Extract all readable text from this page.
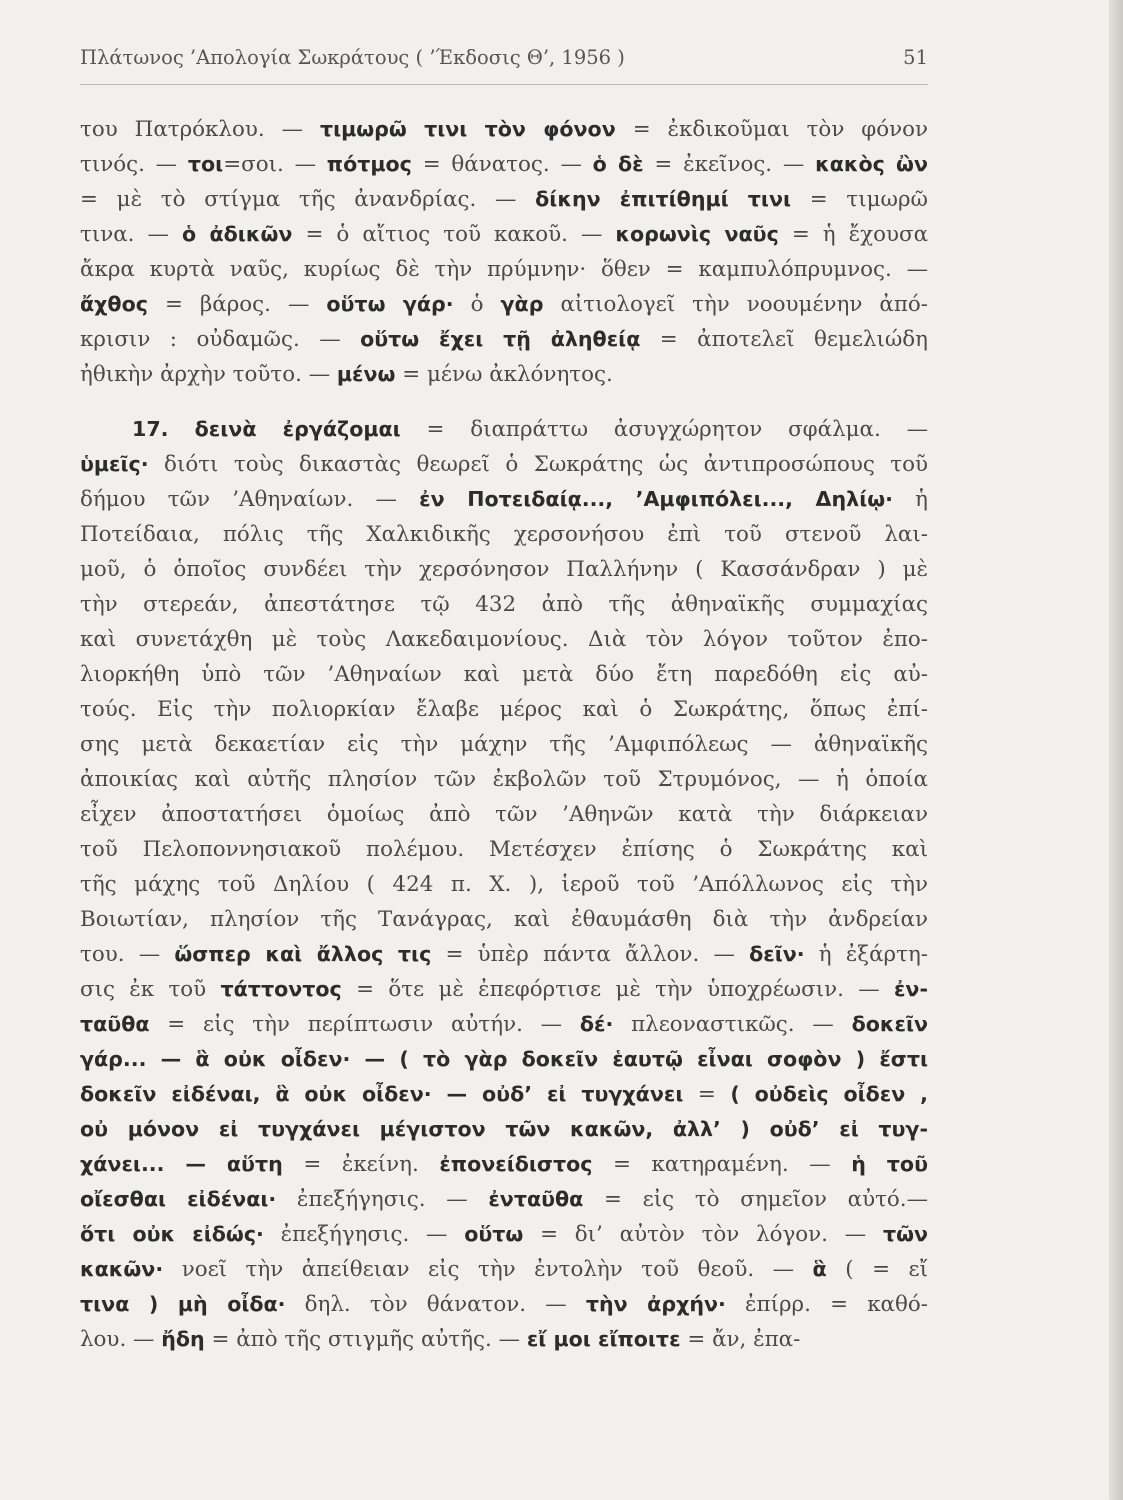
Πλάτωνος ’Απολογία Σωκράτους ( ’Έκδοσις Θ’, 1956 )	51

του Πατρόκλου. — τιμωρῶ τινι τὸν φόνον = ἐκδικοῦμαι τὸν φόνον

τινός. — τοι=σοι. — πότμος = θάνατος. — ὁ δὲ = ἐκεῖνος. — κακὸς ὢν

= μὲ τὸ στίγμα τῆς ἀνανδρίας. — δίκην ἐπιτίθημί τινι = τιμωρῶ

τινα. — ὁ ἀδικῶν = ὁ αἴτιος τοῦ κακοῦ. — κορωνὶς ναῦς = ἡ ἔχουσα

ἄκρα κυρτὰ ναῦς, κυρίως δὲ τὴν πρύμνην· ὅθεν = καμπυλόπρυμνος. —

ἄχθος = βάρος. — οὕτω γάρ· ὁ γὰρ αἰτιολογεῖ τὴν νοουμένην ἀπό-

κρισιν : οὐδαμῶς. — οὕτω ἔχει τῇ ἀληθείᾳ = ἀποτελεῖ θεμελιώδη

ἠθικὴν ἀρχὴν τοῦτο. — μένω = μένω ἀκλόνητος.

17. δεινὰ ἐργάζομαι = διαπράττω ἀσυγχώρητον σφάλμα. —

ὑμεῖς· διότι τοὺς δικαστὰς θεωρεῖ ὁ Σωκράτης ὡς ἀντιπροσώπους τοῦ

δήμου τῶν ’Αθηναίων. — ἐν Ποτειδαίᾳ..., ’Αμφιπόλει..., Δηλίῳ· ἡ

Ποτείδαια, πόλις τῆς Χαλκιδικῆς χερσονήσου ἐπὶ τοῦ στενοῦ λαι-

μοῦ, ὁ ὁποῖος συνδέει τὴν χερσόνησον Παλλήνην ( Κασσάνδραν ) μὲ

τὴν στερεάν, ἀπεστάτησε τῷ 432 ἀπὸ τῆς ἀθηναϊκῆς συμμαχίας

καὶ συνετάχθη μὲ τοὺς Λακεδαιμονίους. Διὰ τὸν λόγον τοῦτον ἐπο-

λιορκήθη ὑπὸ τῶν ’Αθηναίων καὶ μετὰ δύο ἔτη παρεδόθη εἰς αὐ-

τούς. Εἰς τὴν πολιορκίαν ἔλαβε μέρος καὶ ὁ Σωκράτης, ὅπως ἐπί-

σης μετὰ δεκαετίαν εἰς τὴν μάχην τῆς ’Αμφιπόλεως — ἀθηναϊκῆς

ἀποικίας καὶ αὐτῆς πλησίον τῶν ἐκβολῶν τοῦ Στρυμόνος, — ἡ ὁποία

εἶχεν ἀποστατήσει ὁμοίως ἀπὸ τῶν ’Αθηνῶν κατὰ τὴν διάρκειαν

τοῦ Πελοποννησιακοῦ πολέμου. Μετέσχεν ἐπίσης ὁ Σωκράτης καὶ

τῆς μάχης τοῦ Δηλίου ( 424 π. Χ. ), ἱεροῦ τοῦ ’Απόλλωνος εἰς τὴν

Βοιωτίαν, πλησίον τῆς Τανάγρας, καὶ ἐθαυμάσθη διὰ τὴν ἀνδρείαν

του. — ὥσπερ καὶ ἄλλος τις = ὑπὲρ πάντα ἄλλον. — δεῖν· ἡ ἐξάρτη-

σις ἐκ τοῦ τάττοντος = ὅτε μὲ ἐπεφόρτισε μὲ τὴν ὑποχρέωσιν. — ἐν-

ταῦθα = εἰς τὴν περίπτωσιν αὐτήν. — δέ· πλεοναστικῶς. — δοκεῖν

γάρ... — ἃ οὐκ οἶδεν· — ( τὸ γὰρ δοκεῖν ἑαυτῷ εἶναι σοφὸν ) ἔστι

δοκεῖν εἰδέναι, ἃ οὐκ οἶδεν· — οὐδ’ εἰ τυγχάνει = ( οὐδεὶς οἶδεν ,

οὐ μόνον εἰ τυγχάνει μέγιστον τῶν κακῶν, ἀλλ’ ) οὐδ’ εἰ τυγ-

χάνει... — αὕτη = ἐκείνη. ἐπονείδιστος = κατηραμένη. — ἡ τοῦ

οἴεσθαι εἰδέναι· ἐπεξήγησις. — ἐνταῦθα = εἰς τὸ σημεῖον αὐτό.—

ὅτι οὐκ εἰδώς· ἐπεξήγησις. — οὕτω = δι’ αὐτὸν τὸν λόγον. — τῶν

κακῶν· νοεῖ τὴν ἀπείθειαν εἰς τὴν ἐντολὴν τοῦ θεοῦ. — ἃ ( = εἴ

τινα ) μὴ οἶδα· δηλ. τὸν θάνατον. — τὴν ἀρχήν· ἐπίρρ. = καθό-

λου. — ἤδη = ἀπὸ τῆς στιγμῆς αὐτῆς. — εἴ μοι εἴποιτε = ἄν, ἐπα-
